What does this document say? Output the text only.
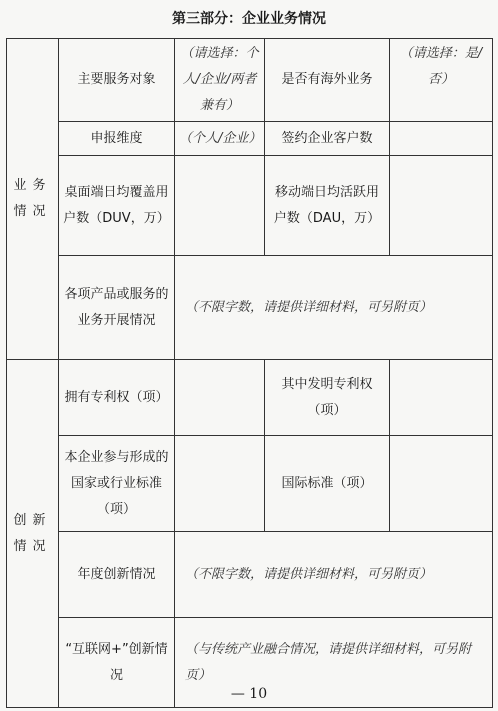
第三部分：企业业务情况
业务情况	主要服务对象	（请选择：个人/企业/两者兼有）	是否有海外业务	（请选择：是/否）
	申报维度	（个人/企业）	签约企业客户数	
	桌面端日均覆盖用户数（DUV，万）		移动端日均活跃用户数（DAU，万）	
	各项产品或服务的业务开展情况	（不限字数，请提供详细材料，可另附页）		
创新情况	拥有专利权（项）		其中发明专利权（项）	
	本企业参与形成的国家或行业标准（项）		国际标准（项）	
	年度创新情况	（不限字数，请提供详细材料，可另附页）		
	“互联网+”创新情况	（与传统产业融合情况，请提供详细材料，可另附页）		
— 10
